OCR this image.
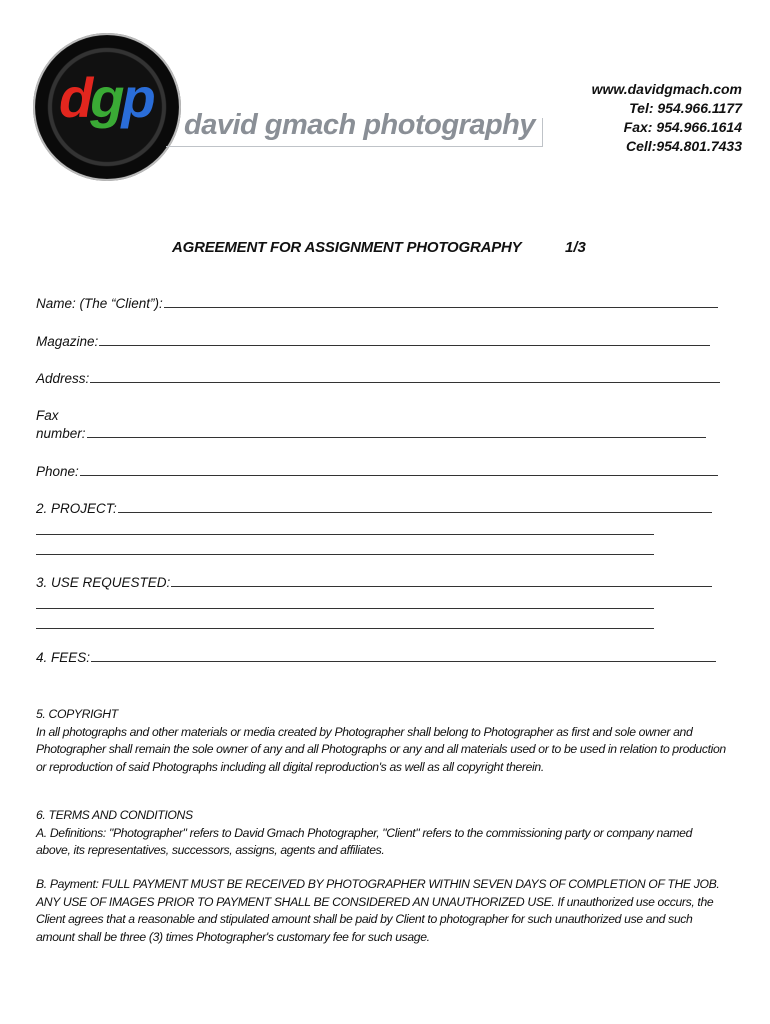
dgp david gmach photography
www.davidgmach.com
Tel: 954.966.1177
Fax: 954.966.1614
Cell:954.801.7433
AGREEMENT FOR ASSIGNMENT PHOTOGRAPHY	1/3
Name: (The “Client”):
Magazine:
Address:
Fax
number:
Phone:
2. PROJECT:
3. USE REQUESTED:
4. FEES:

5. COPYRIGHT

In all photographs and other materials or media created by Photographer shall belong to Photographer as first and sole owner and Photographer shall remain the sole owner of any and all Photographs or any and all materials used or to be used in relation to production or reproduction of said Photographs including all digital reproduction's as well as all copyright therein.

6. TERMS AND CONDITIONS

A. Definitions: "Photographer" refers to David Gmach Photographer, "Client" refers to the commissioning party or company named above, its representatives, successors, assigns, agents and affiliates.

B. Payment: FULL PAYMENT MUST BE RECEIVED BY PHOTOGRAPHER WITHIN SEVEN DAYS OF COMPLETION OF THE JOB. ANY USE OF IMAGES PRIOR TO PAYMENT SHALL BE CONSIDERED AN UNAUTHORIZED USE. If unauthorized use occurs, the Client agrees that a reasonable and stipulated amount shall be paid by Client to photographer for such unauthorized use and such amount shall be three (3) times Photographer's customary fee for such usage.
